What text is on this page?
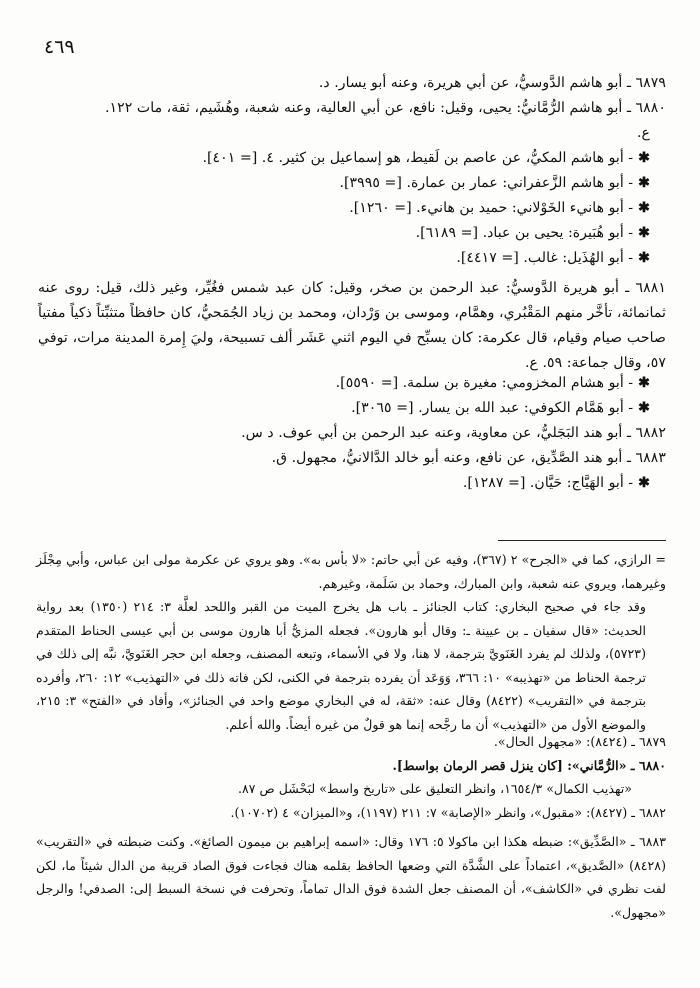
٤٦٩
٦٨٧٩ ـ أبو هاشم الدَّوسيُّ، عن أبي هريرة، وعنه أبو يسار. د.
٦٨٨٠ ـ أبو هاشم الرُّمَّانيُّ: يحيى، وقيل: نافع، عن أبي العالية، وعنه شعبة، وهُشَيم، ثقة، مات ١٢٢.
ع.
✱- أبو هاشم المكيُّ، عن عاصم بن لَقيط، هو إسماعيل بن كثير. ٤. [= ٤٠١].
✱- أبو هاشم الزَّعفراني: عمار بن عمارة. [= ٣٩٩٥].
✱- أبو هانيء الخَوْلاني: حميد بن هانيء. [= ١٢٦٠].
✱- أبو هُبَيرة: يحيى بن عباد. [= ٦١٨٩].
✱- أبو الهُذَيل: غالب. [= ٤٤١٧].
٦٨٨١ ـ أبو هريرة الدَّوسيُّ: عبد الرحمن بن صخر، وقيل: كان عبد شمس فغُيِّر، وغير ذلك، قيل: روى عنه ثمانمائة، تأخَّر منهم المَقْبُري، وهمَّام، وموسى بن وَرْدان، ومحمد بن زياد الجُمَحيُّ، كان حافظاً متثبِّتاً ذكياً مفتياً صاحب صيام وقيام، قال عكرمة: كان يسبِّح في اليوم اثني عَشَر ألف تسبيحة، وليَ إِمرة المدينة مرات، توفي ٥٧، وقال جماعة: ٥٩. ع.
✱- أبو هشام المخزومي: مغيرة بن سلمة. [= ٥٥٩٠].
✱- أبو هَمَّام الكوفي: عبد الله بن يسار. [= ٣٠٦٥].
٦٨٨٢ ـ أبو هند البَجَليُّ، عن معاوية، وعنه عبد الرحمن بن أبي عوف. د س.
٦٨٨٣ ـ أبو هند الصَّدِّيق، عن نافع، وعنه أبو خالد الدَّالانيُّ، مجهول. ق.
✱- أبو الهَيَّاج: حَيَّان. [= ١٢٨٧].
= الرازي، كما في «الجرح» ٢ (٣٦٧)، وفيه عن أبي حاتم: «لا بأس به». وهو يروي عن عكرمة مولى ابن عباس، وأبي مِجْلَز وغيرهما، ويروي عنه شعبة، وابن المبارك، وحماد بن سَلَمة، وغيرهم.
وقد جاء في صحيح البخاري: كتاب الجنائز ـ باب هل يخرج الميت من القبر واللحد لعلَّة ٣: ٢١٤ (١٣٥٠) بعد رواية الحديث: «قال سفيان ـ بن عيينة ـ: وقال أبو هارون». فجعله المزيُّ أبا هارون موسى بن أبي عيسى الحناط المتقدم (٥٧٢٣)، ولذلك لم يفرد الغَنَويَّ بترجمة، لا هنا، ولا في الأسماء، وتبعه المصنف، وجعله ابن حجر الغَنَويَّ، نبَّه إلى ذلك في ترجمة الحناط من «تهذيبه» ١٠: ٣٦٦، وَوَعَد أن يفرده بترجمة في الكنى، لكن فاته ذلك في «التهذيب» ١٢: ٢٦٠، وأفرده بترجمة في «التقريب» (٨٤٢٢) وقال عنه: «ثقة، له في البخاري موضع واحد في الجنائز»، وأفاد في «الفتح» ٣: ٢١٥، والموضع الأول من «التهذيب» أن ما رجَّحه إنما هو قولٌ من غيره أيضاً. والله أعلم.
٦٨٧٩ ـ (٨٤٢٤): «مجهول الحال».
٦٨٨٠ ـ «الرُّمَّاني»: [كان ينزل قصر الرمان بواسط].
«تهذيب الكمال» ١٦٥٤/٣، وانظر التعليق على «تاريخ واسط» لبَحْشَل ص ٨٧.
٦٨٨٢ ـ (٨٤٢٧): «مقبول»، وانظر «الإصابة» ٧: ٢١١ (١١٩٧)، و«الميزان» ٤ (١٠٧٠٢).
٦٨٨٣ ـ «الصَّدِّيق»: ضبطه هكذا ابن ماكولا ٥: ١٧٦ وقال: «اسمه إبراهيم بن ميمون الصائغ». وكنت ضبطته في «التقريب» (٨٤٢٨) «الصَّديق»، اعتماداً على الشَّدَّة التي وضعها الحافظ بقلمه هناك فجاءت فوق الصاد قريبة من الدال شيئاً ما، لكن لفت نظري في «الكاشف»، أن المصنف جعل الشدة فوق الدال تماماً، وتحرفت في نسخة السبط إلى: الصدفي! والرجل «مجهول».
